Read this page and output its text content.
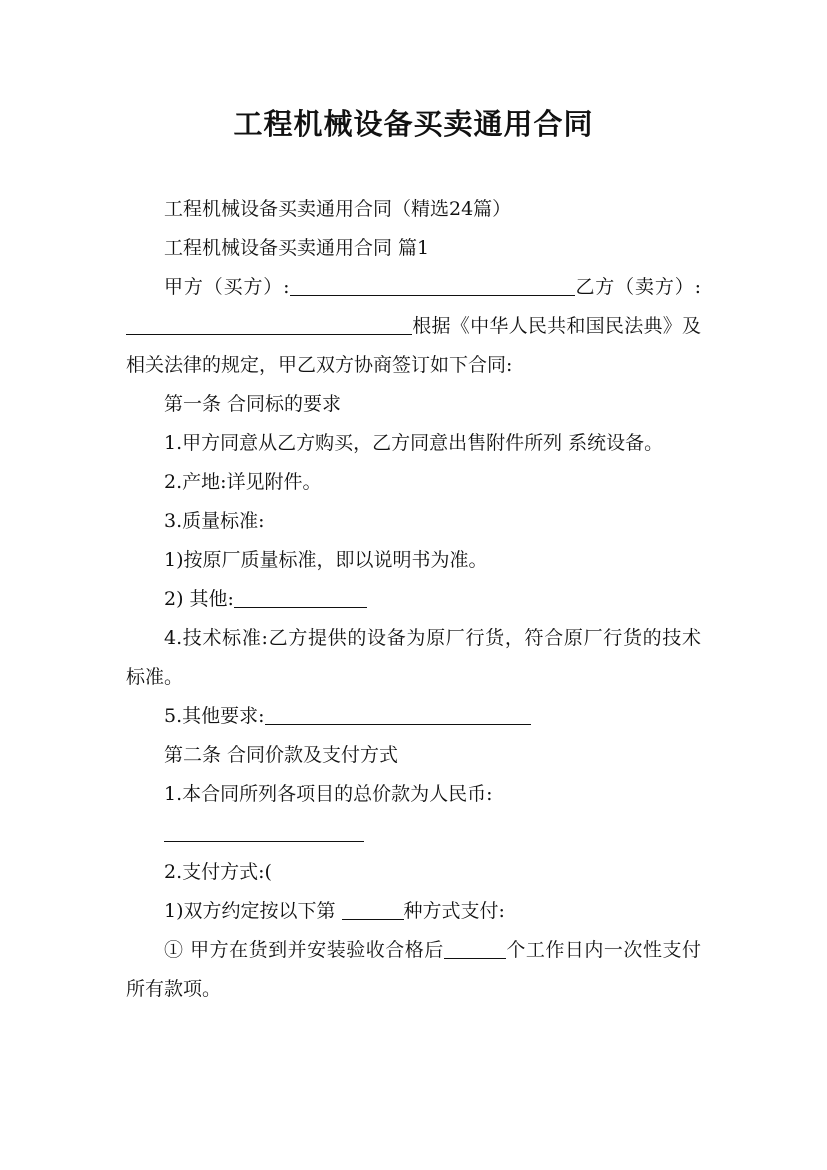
工程机械设备买卖通用合同

工程机械设备买卖通用合同（精选24篇）

工程机械设备买卖通用合同 篇1

甲方（买方）:	乙方（卖方）:根据《中华人民共和国民法典》及相关法律的规定，甲乙双方协商签订如下合同:

第一条 合同标的要求

1.甲方同意从乙方购买，乙方同意出售附件所列 系统设备。

2.产地:详见附件。

3.质量标准:

1)按原厂质量标准，即以说明书为准。

2) 其他:

4.技术标准:乙方提供的设备为原厂行货，符合原厂行货的技术标准。

5.其他要求:

第二条 合同价款及支付方式

1.本合同所列各项目的总价款为人民币:

2.支付方式:(

1)双方约定按以下第	种方式支付:

① 甲方在货到并安装验收合格后	个工作日内一次性支付所有款项。
